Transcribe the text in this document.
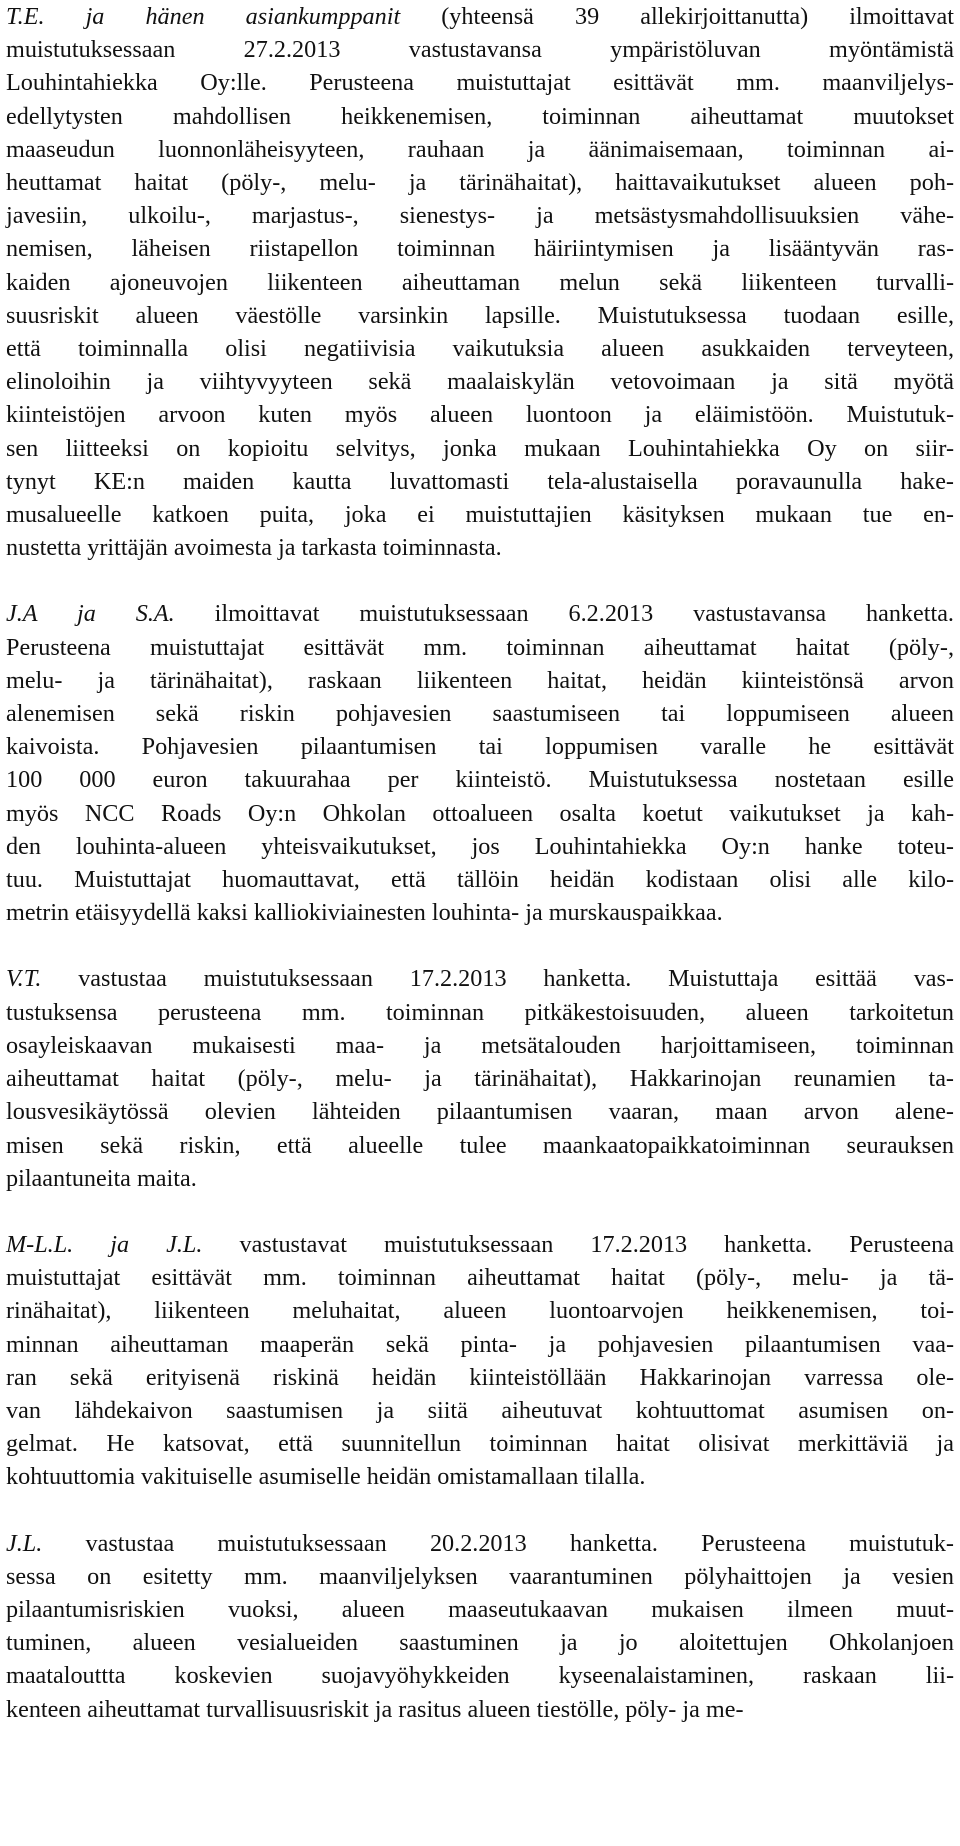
T.E. ja hänen asiankumppanit (yhteensä 39 allekirjoittanutta) ilmoittavat
muistutuksessaan 27.2.2013 vastustavansa ympäristöluvan myöntämistä
Louhintahiekka Oy:lle. Perusteena muistuttajat esittävät mm. maanviljelys-
edellytysten mahdollisen heikkenemisen, toiminnan aiheuttamat muutokset
maaseudun luonnonläheisyyteen, rauhaan ja äänimaisemaan, toiminnan ai-
heuttamat haitat (pöly-, melu- ja tärinähaitat), haittavaikutukset alueen poh-
javesiin, ulkoilu-, marjastus-, sienestys- ja metsästysmahdollisuuksien vähe-
nemisen, läheisen riistapellon toiminnan häiriintymisen ja lisääntyvän ras-
kaiden ajoneuvojen liikenteen aiheuttaman melun sekä liikenteen turvalli-
suusriskit alueen väestölle varsinkin lapsille. Muistutuksessa tuodaan esille,
että toiminnalla olisi negatiivisia vaikutuksia alueen asukkaiden terveyteen,
elinoloihin ja viihtyvyyteen sekä maalaiskylän vetovoimaan ja sitä myötä
kiinteistöjen arvoon kuten myös alueen luontoon ja eläimistöön. Muistutuk-
sen liitteeksi on kopioitu selvitys, jonka mukaan Louhintahiekka Oy on siir-
tynyt KE:n maiden kautta luvattomasti tela-alustaisella poravaunulla hake-
musalueelle katkoen puita, joka ei muistuttajien käsityksen mukaan tue en-
nustetta yrittäjän avoimesta ja tarkasta toiminnasta.

J.A ja S.A. ilmoittavat muistutuksessaan 6.2.2013 vastustavansa hanketta.
Perusteena muistuttajat esittävät mm. toiminnan aiheuttamat haitat (pöly-,
melu- ja tärinähaitat), raskaan liikenteen haitat, heidän kiinteistönsä arvon
alenemisen sekä riskin pohjavesien saastumiseen tai loppumiseen alueen
kaivoista. Pohjavesien pilaantumisen tai loppumisen varalle he esittävät
100 000 euron takuurahaa per kiinteistö. Muistutuksessa nostetaan esille
myös NCC Roads Oy:n Ohkolan ottoalueen osalta koetut vaikutukset ja kah-
den louhinta-alueen yhteisvaikutukset, jos Louhintahiekka Oy:n hanke toteu-
tuu. Muistuttajat huomauttavat, että tällöin heidän kodistaan olisi alle kilo-
metrin etäisyydellä kaksi kalliokiviainesten louhinta- ja murskauspaikkaa.

V.T. vastustaa muistutuksessaan 17.2.2013 hanketta. Muistuttaja esittää vas-
tustuksensa perusteena mm. toiminnan pitkäkestoisuuden, alueen tarkoitetun
osayleiskaavan mukaisesti maa- ja metsätalouden harjoittamiseen, toiminnan
aiheuttamat haitat (pöly-, melu- ja tärinähaitat), Hakkarinojan reunamien ta-
lousvesikäytössä olevien lähteiden pilaantumisen vaaran, maan arvon alene-
misen sekä riskin, että alueelle tulee maankaatopaikkatoiminnan seurauksen
pilaantuneita maita.

M-L.L. ja J.L. vastustavat muistutuksessaan 17.2.2013 hanketta. Perusteena
muistuttajat esittävät mm. toiminnan aiheuttamat haitat (pöly-, melu- ja tä-
rinähaitat), liikenteen meluhaitat, alueen luontoarvojen heikkenemisen, toi-
minnan aiheuttaman maaperän sekä pinta- ja pohjavesien pilaantumisen vaa-
ran sekä erityisenä riskinä heidän kiinteistöllään Hakkarinojan varressa ole-
van lähdekaivon saastumisen ja siitä aiheutuvat kohtuuttomat asumisen on-
gelmat. He katsovat, että suunnitellun toiminnan haitat olisivat merkittäviä ja
kohtuuttomia vakituiselle asumiselle heidän omistamallaan tilalla.

J.L. vastustaa muistutuksessaan 20.2.2013 hanketta. Perusteena muistutuk-
sessa on esitetty mm. maanviljelyksen vaarantuminen pölyhaittojen ja vesien
pilaantumisriskien vuoksi, alueen maaseutukaavan mukaisen ilmeen muut-
tuminen, alueen vesialueiden saastuminen ja jo aloitettujen Ohkolanjoen
maatalouttta koskevien suojavyöhykkeiden kyseenalaistaminen, raskaan lii-
kenteen aiheuttamat turvallisuusriskit ja rasitus alueen tiestölle, pöly- ja me-
